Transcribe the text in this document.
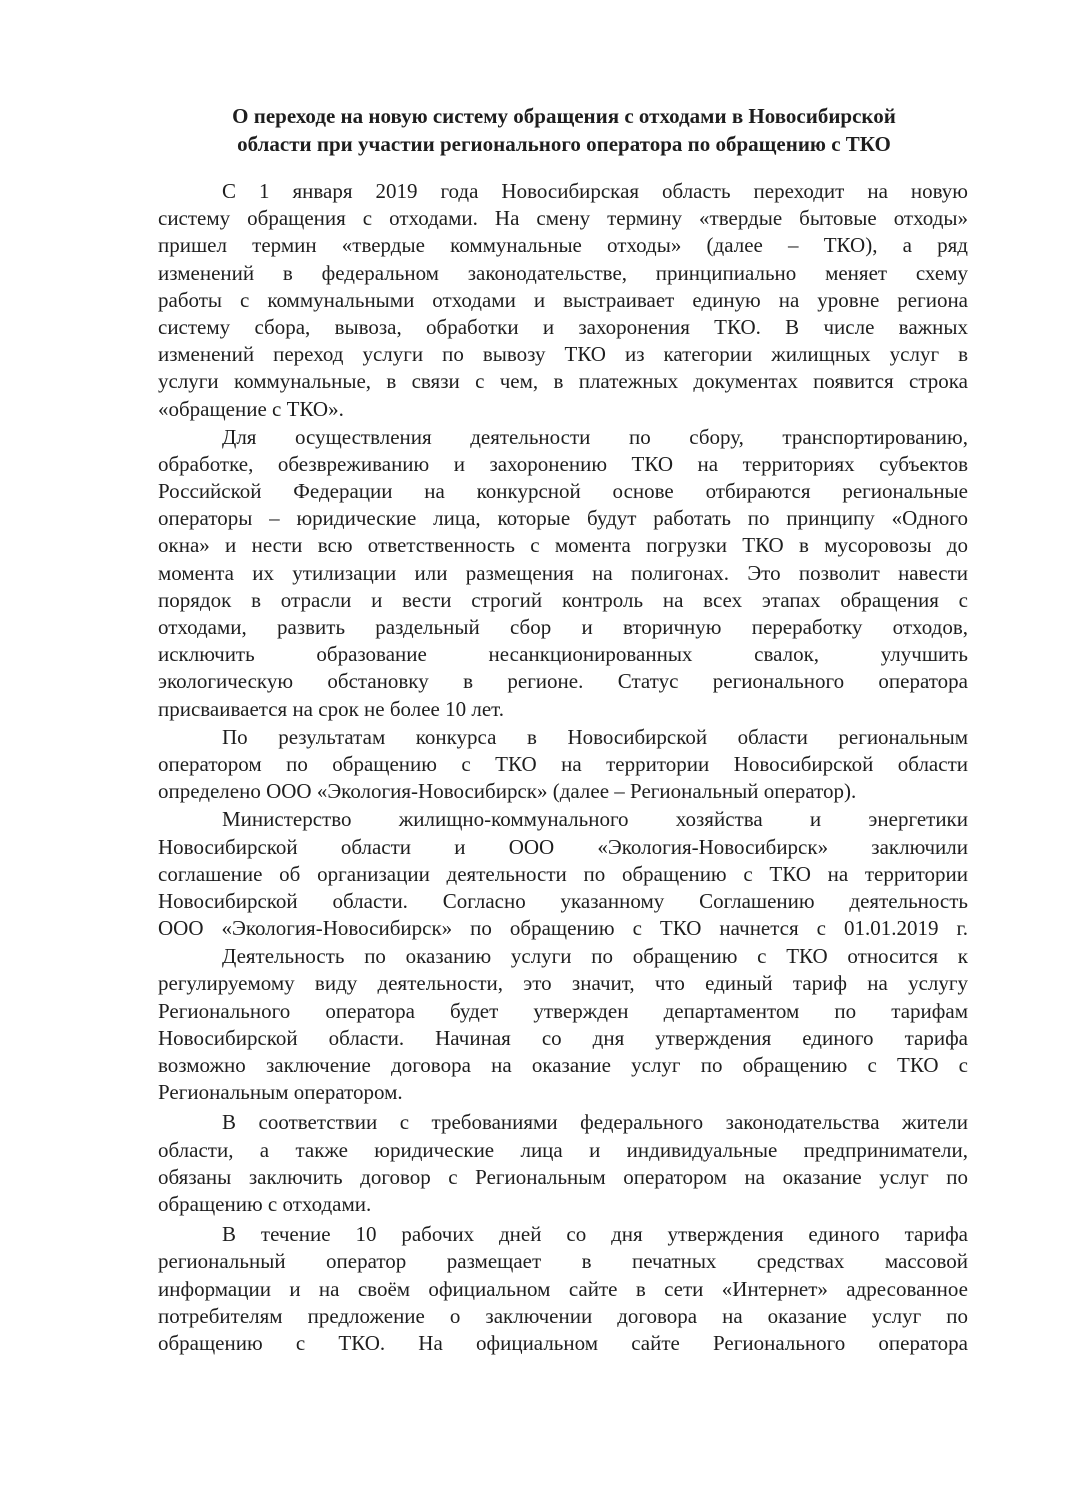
О переходе на новую систему обращения с отходами в Новосибирской
области при участии регионального оператора по обращению с ТКО

С 1 января 2019 года Новосибирская область переходит на новую
систему обращения с отходами. На смену термину «твердые бытовые отходы»
пришел термин «твердые коммунальные отходы» (далее – ТКО), а ряд
изменений в федеральном законодательстве, принципиально меняет схему
работы с коммунальными отходами и выстраивает единую на уровне региона
систему сбора, вывоза, обработки и захоронения ТКО. В числе важных
изменений переход услуги по вывозу ТКО из категории жилищных услуг в
услуги коммунальные, в связи с чем, в платежных документах появится строка
«обращение с ТКО».

Для осуществления деятельности по сбору, транспортированию,
обработке, обезвреживанию и захоронению ТКО на территориях субъектов
Российской Федерации на конкурсной основе отбираются региональные
операторы – юридические лица, которые будут работать по принципу «Одного
окна» и нести всю ответственность с момента погрузки ТКО в мусоровозы до
момента их утилизации или размещения на полигонах. Это позволит навести
порядок в отрасли и вести строгий контроль на всех этапах обращения с
отходами, развить раздельный сбор и вторичную переработку отходов,
исключить образование несанкционированных свалок, улучшить
экологическую обстановку в регионе. Статус регионального оператора
присваивается на срок не более 10 лет.

По результатам конкурса в Новосибирской области региональным
оператором по обращению с ТКО на территории Новосибирской области
определено ООО «Экология-Новосибирск» (далее – Региональный оператор).

Министерство жилищно-коммунального хозяйства и энергетики
Новосибирской области и ООО «Экология-Новосибирск» заключили
соглашение об организации деятельности по обращению с ТКО на территории
Новосибирской области. Согласно указанному Соглашению деятельность
ООО «Экология-Новосибирск» по обращению с ТКО начнется с 01.01.2019 г.

Деятельность по оказанию услуги по обращению с ТКО относится к
регулируемому виду деятельности, это значит, что единый тариф на услугу
Регионального оператора будет утвержден департаментом по тарифам
Новосибирской области. Начиная со дня утверждения единого тарифа
возможно заключение договора на оказание услуг по обращению с ТКО с
Региональным оператором.

В соответствии с требованиями федерального законодательства жители
области, а также юридические лица и индивидуальные предприниматели,
обязаны заключить договор с Региональным оператором на оказание услуг по
обращению с отходами.

В течение 10 рабочих дней со дня утверждения единого тарифа
региональный оператор размещает в печатных средствах массовой
информации и на своём официальном сайте в сети «Интернет» адресованное
потребителям предложение о заключении договора на оказание услуг по
обращению с ТКО. На официальном сайте Регионального оператора
